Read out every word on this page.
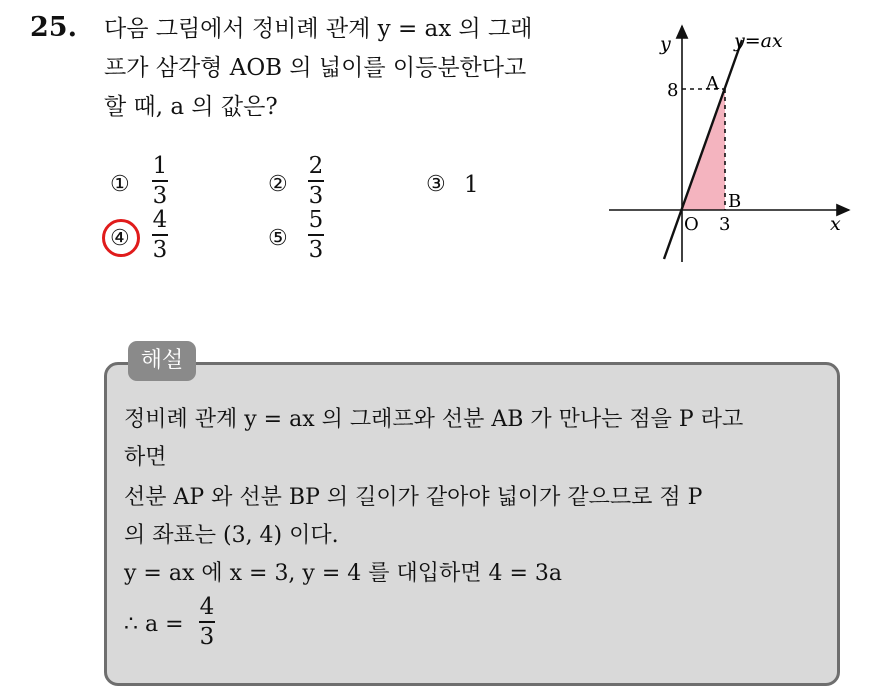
25. 다음 그림에서 정비례 관계 y = ax 의 그래
프가 삼각형 AOB 의 넓이를 이등분한다고
할 때, a 의 값은?
①
1
3	②
2
3	③ 1
④
4
3	⑤
5
3
y	y=ax
8 A
B
O 3	x
해설
정비례 관계 y = ax 의 그래프와 선분 AB 가 만나는 점을 P 라고
하면
선분 AP 와 선분 BP 의 길이가 같아야 넓이가 같으므로 점 P
의 좌표는 (3, 4) 이다.
y = ax 에 x = 3, y = 4 를 대입하면 4 = 3a
∴ a =
4
3
